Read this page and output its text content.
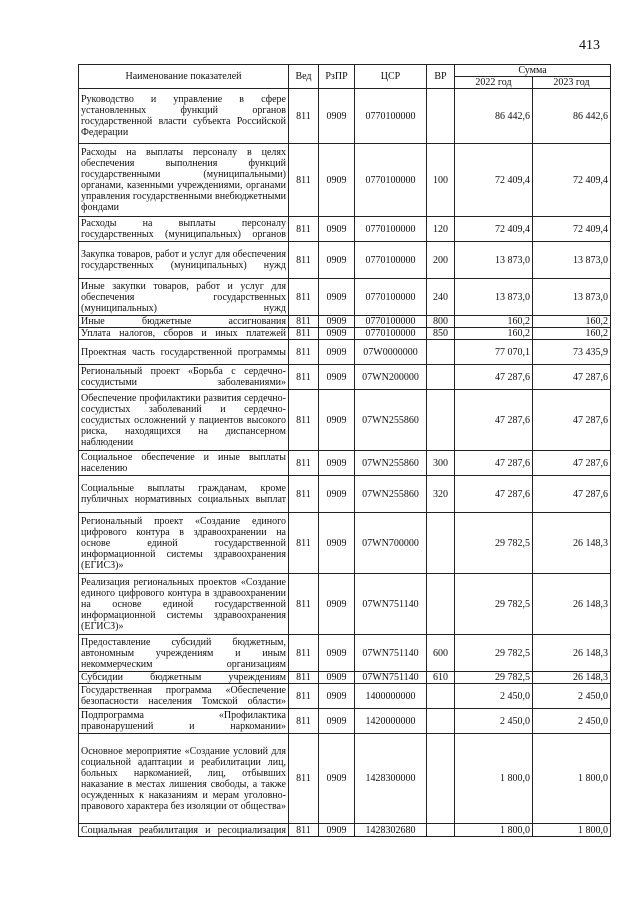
413
Наименование показателей	Вед	РзПР	ЦСР	ВР	Сумма	
					2022 год	2023 год
Руководство и управление в сфере установленных функций органов государственной власти субъекта Российской Федерации	811	0909	0770100000		86 442,6	86 442,6
Расходы на выплаты персоналу в целях обеспечения выполнения функций государственными (муниципальными) органами, казенными учреждениями, органами управления государственными внебюджетными фондами	811	0909	0770100000	100	72 409,4	72 409,4
Расходы на выплаты персоналу государственных (муниципальных) органов	811	0909	0770100000	120	72 409,4	72 409,4
Закупка товаров, работ и услуг для обеспечения государственных (муниципальных) нужд	811	0909	0770100000	200	13 873,0	13 873,0
Иные закупки товаров, работ и услуг для обеспечения государственных (муниципальных) нужд	811	0909	0770100000	240	13 873,0	13 873,0
Иные бюджетные ассигнования	811	0909	0770100000	800	160,2	160,2
Уплата налогов, сборов и иных платежей	811	0909	0770100000	850	160,2	160,2
Проектная часть государственной программы	811	0909	07W0000000		77 070,1	73 435,9
Региональный проект «Борьба с сердечно-сосудистыми заболеваниями»	811	0909	07WN200000		47 287,6	47 287,6
Обеспечение профилактики развития сердечно-сосудистых заболеваний и сердечно-сосудистых осложнений у пациентов высокого риска, находящихся на диспансерном наблюдении	811	0909	07WN255860		47 287,6	47 287,6
Социальное обеспечение и иные выплаты населению	811	0909	07WN255860	300	47 287,6	47 287,6
Социальные выплаты гражданам, кроме публичных нормативных социальных выплат	811	0909	07WN255860	320	47 287,6	47 287,6
Региональный проект «Создание единого цифрового контура в здравоохранении на основе единой государственной информационной системы здравоохранения (ЕГИСЗ)»	811	0909	07WN700000		29 782,5	26 148,3
Реализация региональных проектов «Создание единого цифрового контура в здравоохранении на основе единой государственной информационной системы здравоохранения (ЕГИСЗ)»	811	0909	07WN751140		29 782,5	26 148,3
Предоставление субсидий бюджетным, автономным учреждениям и иным некоммерческим организациям	811	0909	07WN751140	600	29 782,5	26 148,3
Субсидии бюджетным учреждениям	811	0909	07WN751140	610	29 782,5	26 148,3
Государственная программа «Обеспечение безопасности населения Томской области»	811	0909	1400000000		2 450,0	2 450,0
Подпрограмма «Профилактика правонарушений и наркомании»	811	0909	1420000000		2 450,0	2 450,0
Основное мероприятие «Создание условий для социальной адаптации и реабилитации лиц, больных наркоманией, лиц, отбывших наказание в местах лишения свободы, а также осужденных к наказаниям и мерам уголовно-правового характера без изоляции от общества»	811	0909	1428300000		1 800,0	1 800,0
Социальная реабилитация и ресоциализация	811	0909	1428302680		1 800,0	1 800,0
